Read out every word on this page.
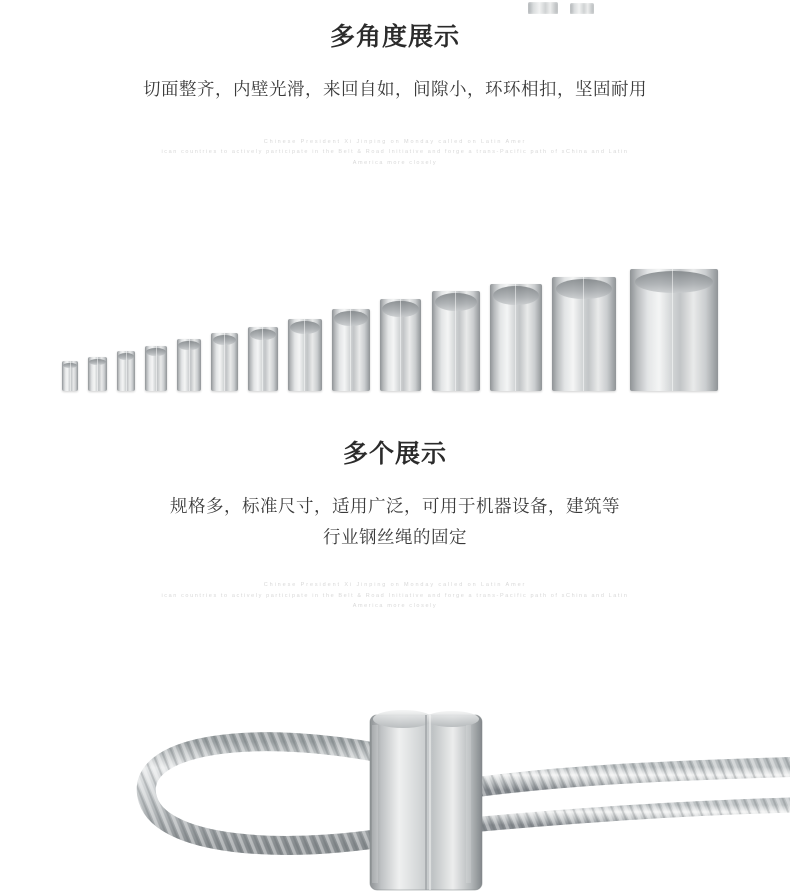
多角度展示
切面整齐，内壁光滑，来回自如，间隙小，环环相扣，坚固耐用
Chinese President Xi Jinping on Monday called on Latin Amer
ican countries to actively participate in the Belt & Road Initiative and forge a trans-Pacific path of sChina and Latin
America more closely
多个展示
规格多，标准尺寸，适用广泛，可用于机器设备，建筑等
行业钢丝绳的固定
Chinese President Xi Jinping on Monday called on Latin Amer
ican countries to actively participate in the Belt & Road Initiative and forge a trans-Pacific path of sChina and Latin
America more closely
